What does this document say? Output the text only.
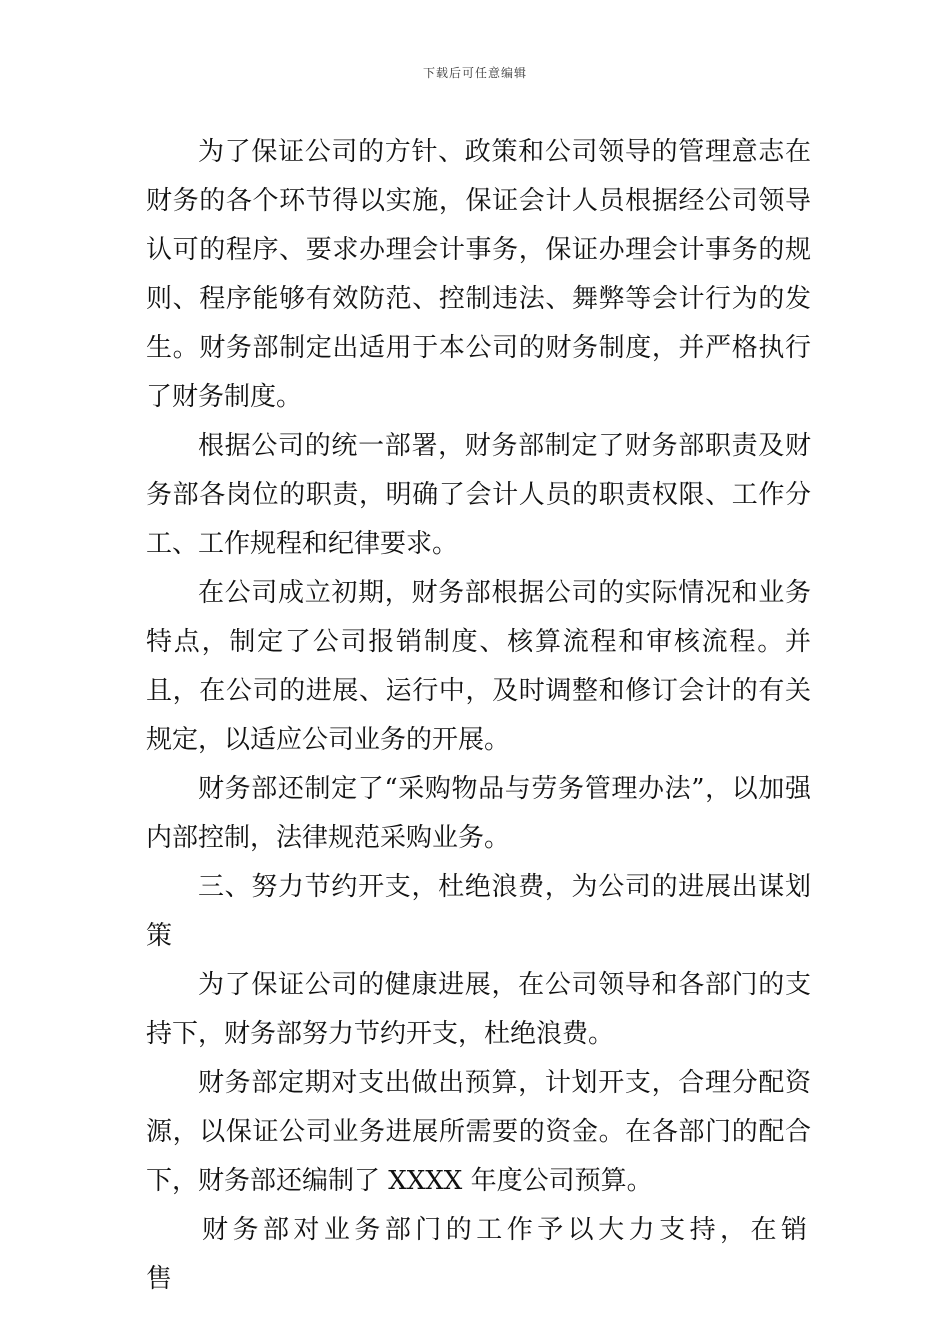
下载后可任意编辑

为了保证公司的方针、政策和公司领导的管理意志在财务的各个环节得以实施，保证会计人员根据经公司领导认可的程序、要求办理会计事务，保证办理会计事务的规则、程序能够有效防范、控制违法、舞弊等会计行为的发生。财务部制定出适用于本公司的财务制度，并严格执行了财务制度。

根据公司的统一部署，财务部制定了财务部职责及财务部各岗位的职责，明确了会计人员的职责权限、工作分工、工作规程和纪律要求。

在公司成立初期，财务部根据公司的实际情况和业务特点，制定了公司报销制度、核算流程和审核流程。并且，在公司的进展、运行中，及时调整和修订会计的有关规定，以适应公司业务的开展。

财务部还制定了“采购物品与劳务管理办法”，以加强内部控制，法律规范采购业务。

三、努力节约开支，杜绝浪费，为公司的进展出谋划策

为了保证公司的健康进展，在公司领导和各部门的支持下，财务部努力节约开支，杜绝浪费。

财务部定期对支出做出预算，计划开支，合理分配资源，以保证公司业务进展所需要的资金。在各部门的配合下，财务部还编制了 XXXX 年度公司预算。

财务部对业务部门的工作予以大力支持，在销售
